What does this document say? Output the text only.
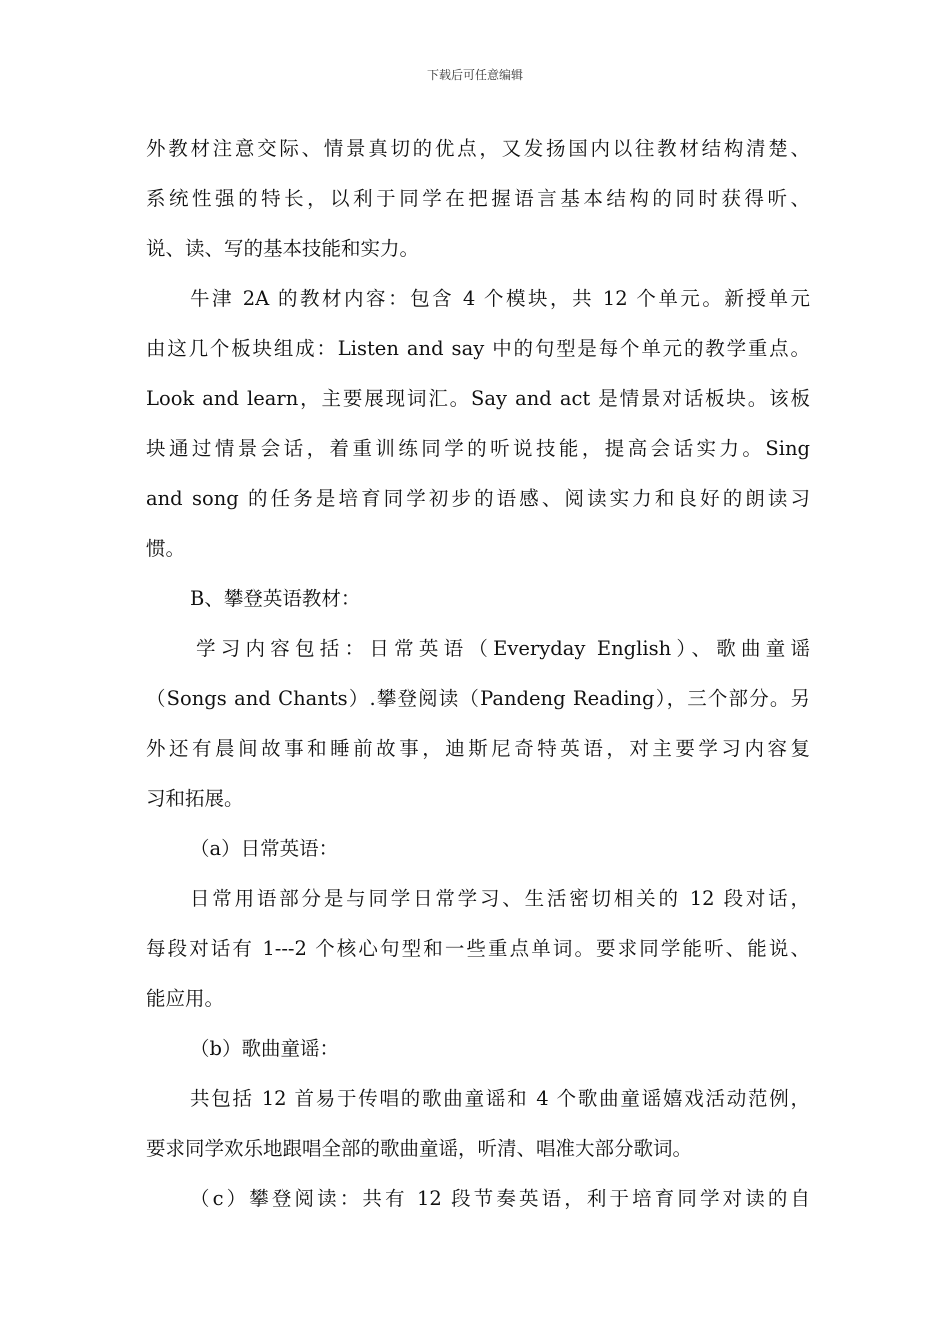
下载后可任意编辑
外教材注意交际、情景真切的优点，又发扬国内以往教材结构清楚、
系统性强的特长，以利于同学在把握语言基本结构的同时获得听、
说、读、写的基本技能和实力。
牛津 2A 的教材内容：包含 4 个模块，共 12 个单元。新授单元
由这几个板块组成：Listen and say 中的句型是每个单元的教学重点。
Look and learn，主要展现词汇。Say and act 是情景对话板块。该板
块通过情景会话，着重训练同学的听说技能，提高会话实力。Sing
and song 的任务是培育同学初步的语感、阅读实力和良好的朗读习
惯。
B、攀登英语教材：
学习内容包括：日常英语（Everyday English）、歌曲童谣
（Songs and Chants）.攀登阅读（Pandeng Reading），三个部分。另
外还有晨间故事和睡前故事，迪斯尼奇特英语，对主要学习内容复
习和拓展。
（a）日常英语：
日常用语部分是与同学日常学习、生活密切相关的 12 段对话，
每段对话有 1---2 个核心句型和一些重点单词。要求同学能听、能说、
能应用。
（b）歌曲童谣：
共包括 12 首易于传唱的歌曲童谣和 4 个歌曲童谣嬉戏活动范例，
要求同学欢乐地跟唱全部的歌曲童谣，听清、唱准大部分歌词。
（c）攀登阅读：共有 12 段节奏英语，利于培育同学对读的自
